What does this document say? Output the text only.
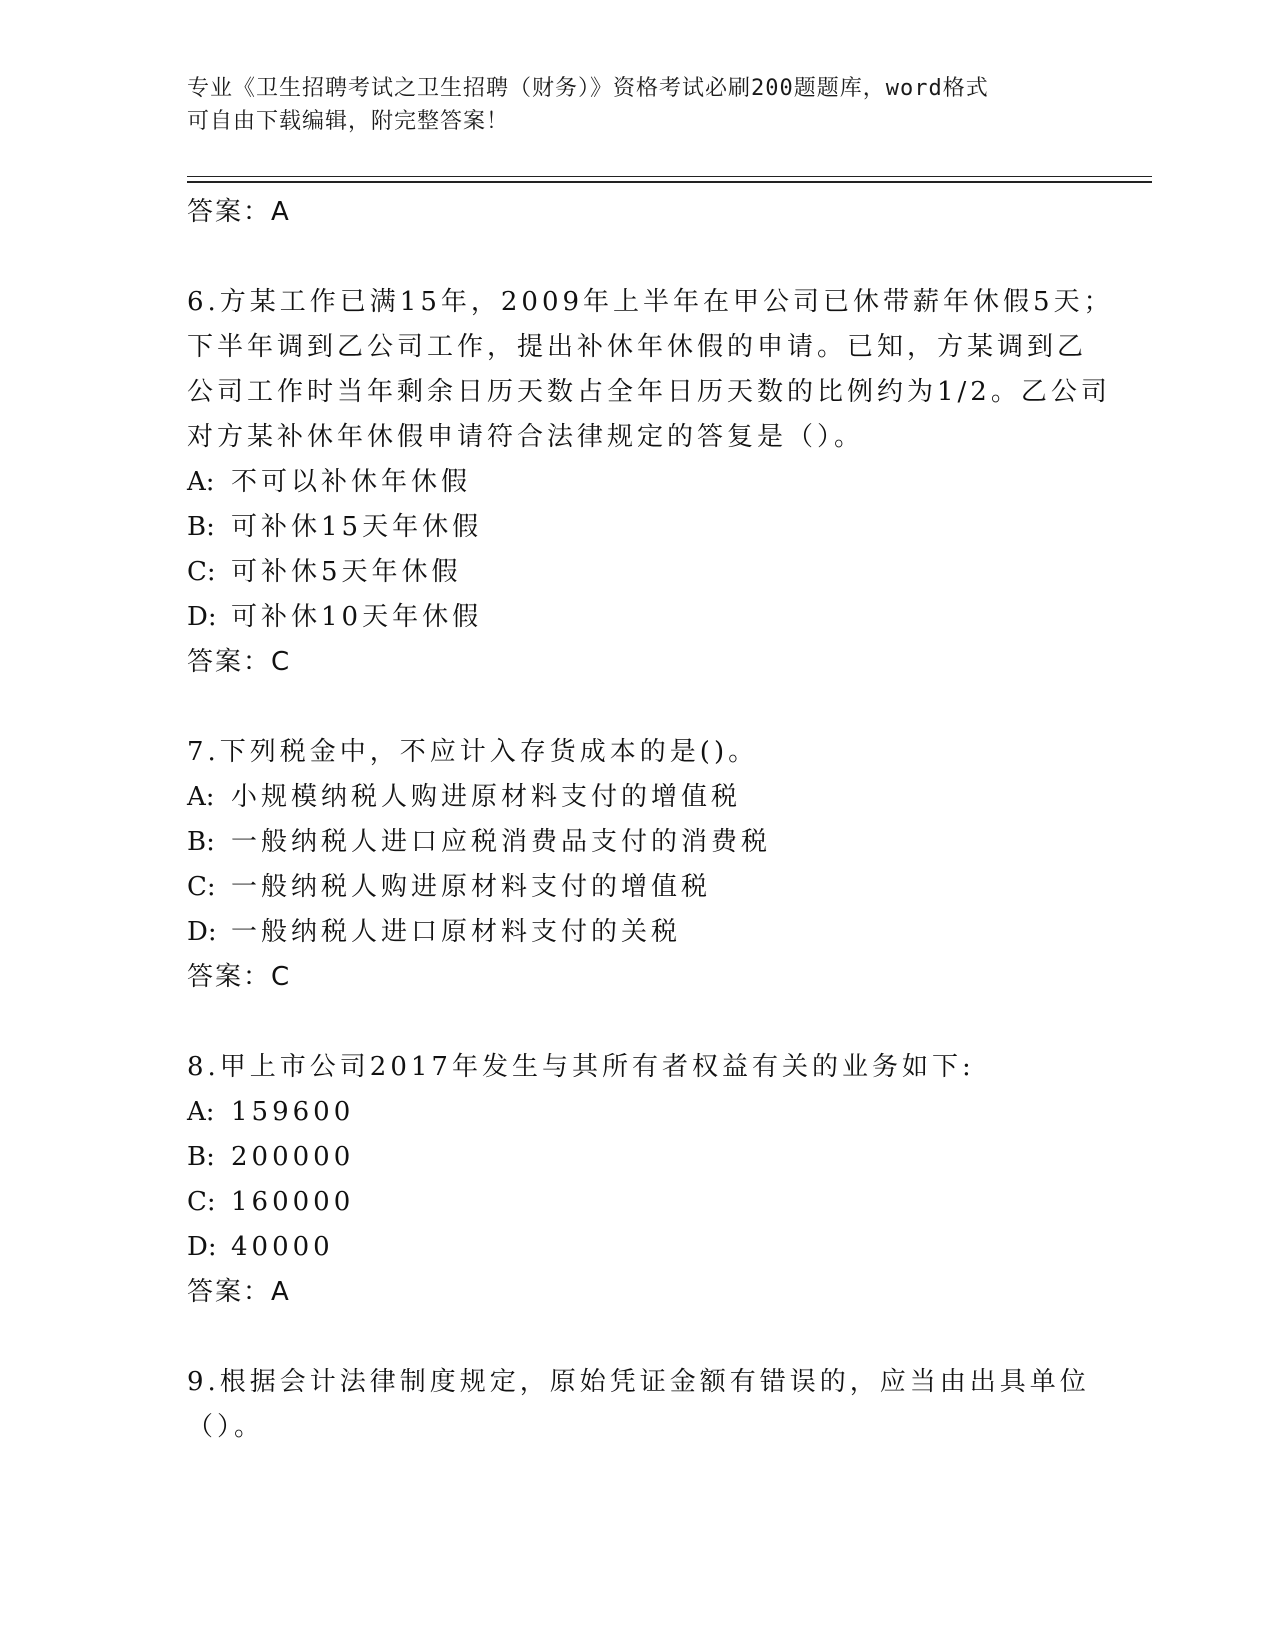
专业《卫生招聘考试之卫生招聘（财务）》资格考试必刷200题题库，word格式
可自由下载编辑，附完整答案！
答案：A
6.方某工作已满15年，2009年上半年在甲公司已休带薪年休假5天；
下半年调到乙公司工作，提出补休年休假的申请。已知，方某调到乙
公司工作时当年剩余日历天数占全年日历天数的比例约为1/2。乙公司
对方某补休年休假申请符合法律规定的答复是（）。
A: 不可以补休年休假
B: 可补休15天年休假
C: 可补休5天年休假
D: 可补休10天年休假
答案：C
7.下列税金中，不应计入存货成本的是()。
A: 小规模纳税人购进原材料支付的增值税
B: 一般纳税人进口应税消费品支付的消费税
C: 一般纳税人购进原材料支付的增值税
D: 一般纳税人进口原材料支付的关税
答案：C
8.甲上市公司2017年发生与其所有者权益有关的业务如下:
A: 159600
B: 200000
C: 160000
D: 40000
答案：A
9.根据会计法律制度规定，原始凭证金额有错误的，应当由出具单位
（）。
